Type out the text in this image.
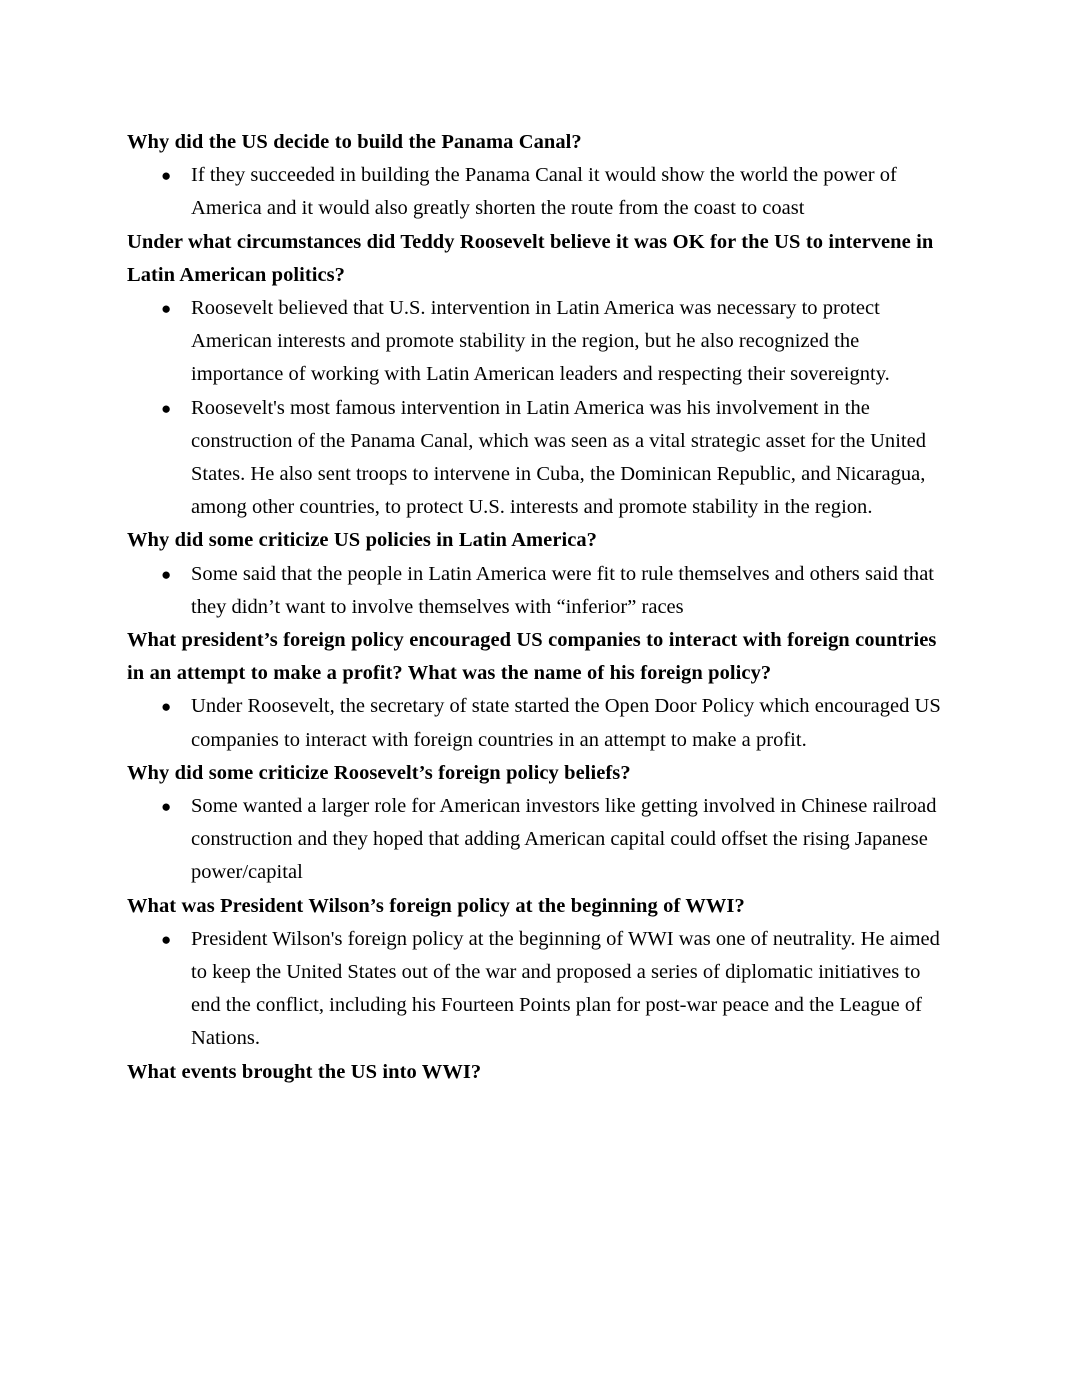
Why did the US decide to build the Panama Canal?
● If they succeeded in building the Panama Canal it would show the world the power of America and it would also greatly shorten the route from the coast to coast
Under what circumstances did Teddy Roosevelt believe it was OK for the US to intervene in Latin American politics?
● Roosevelt believed that U.S. intervention in Latin America was necessary to protect American interests and promote stability in the region, but he also recognized the importance of working with Latin American leaders and respecting their sovereignty.
● Roosevelt's most famous intervention in Latin America was his involvement in the construction of the Panama Canal, which was seen as a vital strategic asset for the United States. He also sent troops to intervene in Cuba, the Dominican Republic, and Nicaragua, among other countries, to protect U.S. interests and promote stability in the region.
Why did some criticize US policies in Latin America?
● Some said that the people in Latin America were fit to rule themselves and others said that they didn’t want to involve themselves with “inferior” races
What president’s foreign policy encouraged US companies to interact with foreign countries in an attempt to make a profit? What was the name of his foreign policy?
● Under Roosevelt, the secretary of state started the Open Door Policy which encouraged US companies to interact with foreign countries in an attempt to make a profit.
Why did some criticize Roosevelt’s foreign policy beliefs?
● Some wanted a larger role for American investors like getting involved in Chinese railroad construction and they hoped that adding American capital could offset the rising Japanese power/capital
What was President Wilson’s foreign policy at the beginning of WWI?
● President Wilson's foreign policy at the beginning of WWI was one of neutrality. He aimed to keep the United States out of the war and proposed a series of diplomatic initiatives to end the conflict, including his Fourteen Points plan for post-war peace and the League of Nations.
What events brought the US into WWI?
